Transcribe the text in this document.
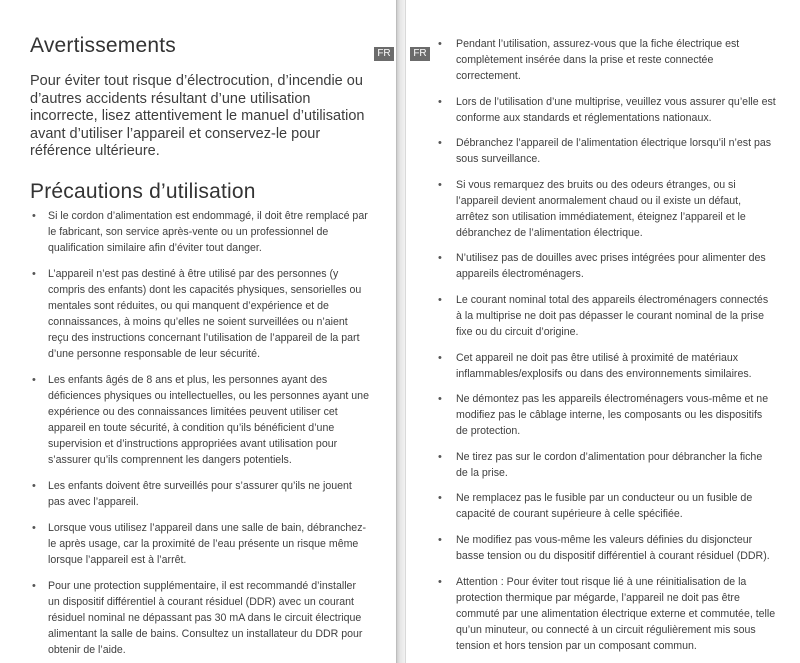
FR
Avertissements

Pour éviter tout risque d’électrocution, d’incendie ou d’autres accidents résultant d’une utilisation incorrecte, lisez attentivement le manuel d’utilisation avant d’utiliser l’appareil et conservez-le pour référence ultérieure.

Précautions d’utilisation
• Si le cordon d’alimentation est endommagé, il doit être remplacé par le fabricant, son service après-vente ou un professionnel de qualification similaire afin d’éviter tout danger.
• L’appareil n’est pas destiné à être utilisé par des personnes (y compris des enfants) dont les capacités physiques, sensorielles ou mentales sont réduites, ou qui manquent d’expérience et de connaissances, à moins qu’elles ne soient surveillées ou n’aient reçu des instructions concernant l’utilisation de l’appareil de la part d’une personne responsable de leur sécurité.
• Les enfants âgés de 8 ans et plus, les personnes ayant des déficiences physiques ou intellectuelles, ou les personnes ayant une expérience ou des connaissances limitées peuvent utiliser cet appareil en toute sécurité, à condition qu’ils bénéficient d’une supervision et d’instructions appropriées avant utilisation pour s’assurer qu’ils comprennent les dangers potentiels.
• Les enfants doivent être surveillés pour s’assurer qu’ils ne jouent pas avec l’appareil.
• Lorsque vous utilisez l’appareil dans une salle de bain, débranchez-le après usage, car la proximité de l’eau présente un risque même lorsque l’appareil est à l’arrêt.
• Pour une protection supplémentaire, il est recommandé d’installer un dispositif différentiel à courant résiduel (DDR) avec un courant résiduel nominal ne dépassant pas 30 mA dans le circuit électrique alimentant la salle de bains. Consultez un installateur du DDR pour obtenir de l’aide.
FR
• Pendant l’utilisation, assurez-vous que la fiche électrique est complètement insérée dans la prise et reste connectée correctement.
• Lors de l’utilisation d’une multiprise, veuillez vous assurer qu’elle est conforme aux standards et réglementations nationaux.
• Débranchez l’appareil de l’alimentation électrique lorsqu’il n’est pas sous surveillance.
• Si vous remarquez des bruits ou des odeurs étranges, ou si l’appareil devient anormalement chaud ou il existe un défaut, arrêtez son utilisation immédiatement, éteignez l’appareil et le débranchez de l’alimentation électrique.
• N’utilisez pas de douilles avec prises intégrées pour alimenter des appareils électroménagers.
• Le courant nominal total des appareils électroménagers connectés à la multiprise ne doit pas dépasser le courant nominal de la prise fixe ou du circuit d’origine.
• Cet appareil ne doit pas être utilisé à proximité de matériaux inflammables/explosifs ou dans des environnements similaires.
• Ne démontez pas les appareils électroménagers vous-même et ne modifiez pas le câblage interne, les composants ou les dispositifs de protection.
• Ne tirez pas sur le cordon d’alimentation pour débrancher la fiche de la prise.
• Ne remplacez pas le fusible par un conducteur ou un fusible de capacité de courant supérieure à celle spécifiée.
• Ne modifiez pas vous-même les valeurs définies du disjoncteur basse tension ou du dispositif différentiel à courant résiduel (DDR).
• Attention : Pour éviter tout risque lié à une réinitialisation de la protection thermique par mégarde, l’appareil ne doit pas être commuté par une alimentation électrique externe et commutée, telle qu’un minuteur, ou connecté à un circuit régulièrement mis sous tension et hors tension par un composant commun.
